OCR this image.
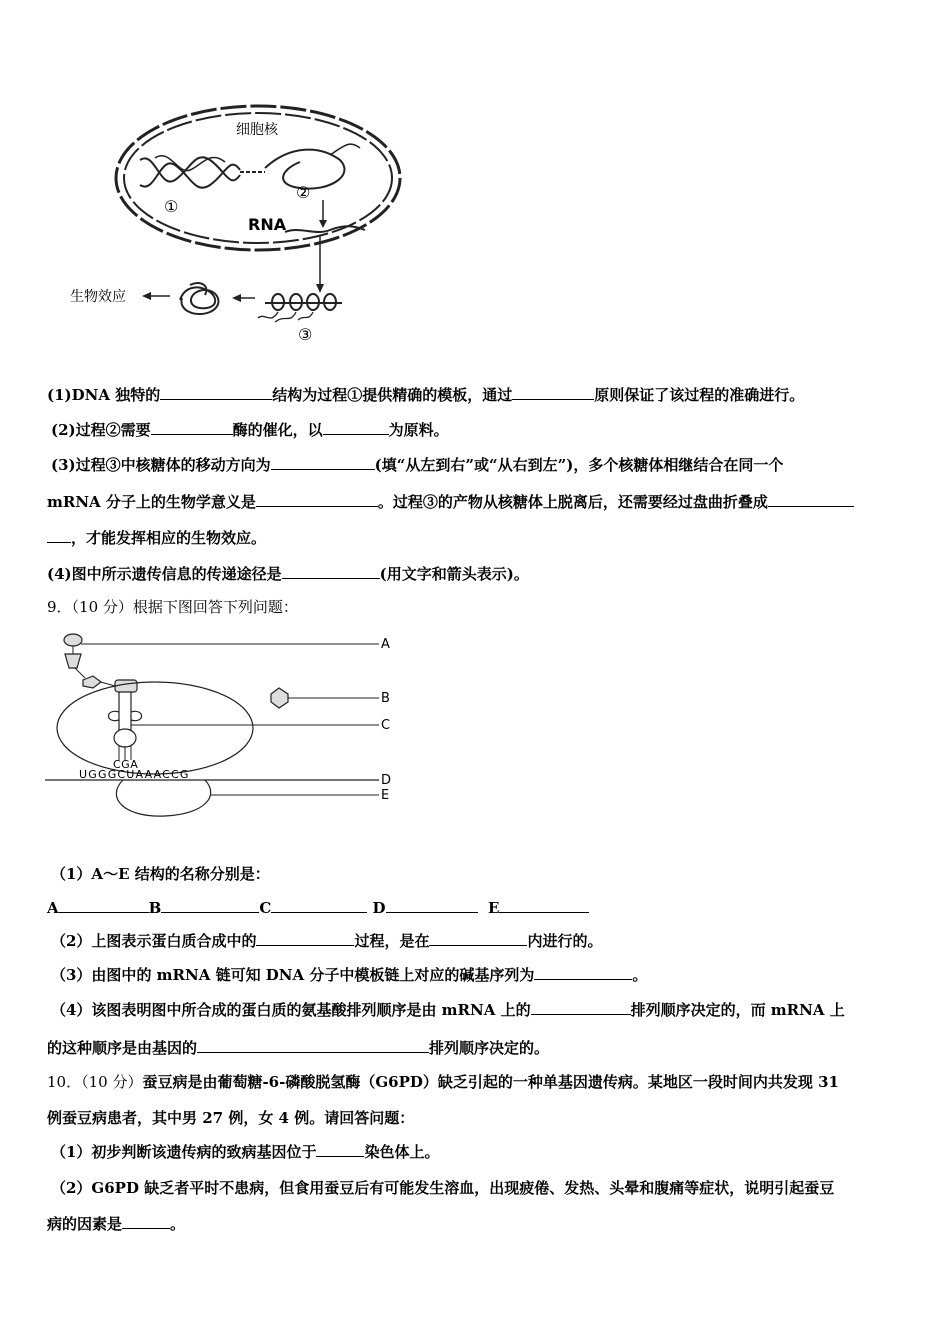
细胞核
①
②
RNA
③
生物效应
(1)DNA 独特的	结构为过程①提供精确的模板，通过	原则保证了该过程的准确进行。
(2)过程②需要	酶的催化，以	为原料。
(3)过程③中核糖体的移动方向为	(填“从左到右”或“从右到左”)，多个核糖体相继结合在同一个
mRNA 分子上的生物学意义是	。过程③的产物从核糖体上脱离后，还需要经过盘曲折叠成
，才能发挥相应的生物效应。
(4)图中所示遗传信息的传递途径是	(用文字和箭头表示)。
9．（10 分）根据下图回答下列问题：
A
B
C
CGA
UGGGCUAAACCG	D
E
（1）A～E 结构的名称分别是：
A	B	C	D	E
（2）上图表示蛋白质合成中的	过程，是在	内进行的。
（3）由图中的 mRNA 链可知 DNA 分子中模板链上对应的碱基序列为	。
（4）该图表明图中所合成的蛋白质的氨基酸排列顺序是由 mRNA 上的	排列顺序决定的，而 mRNA 上
的这种顺序是由基因的	排列顺序决定的。
10．（10 分）蚕豆病是由葡萄糖-6-磷酸脱氢酶（G6PD）缺乏引起的一种单基因遗传病。某地区一段时间内共发现 31
例蚕豆病患者，其中男 27 例，女 4 例。请回答问题：
（1）初步判断该遗传病的致病基因位于	染色体上。
（2）G6PD 缺乏者平时不患病，但食用蚕豆后有可能发生溶血，出现疲倦、发热、头晕和腹痛等症状，说明引起蚕豆
病的因素是	。
